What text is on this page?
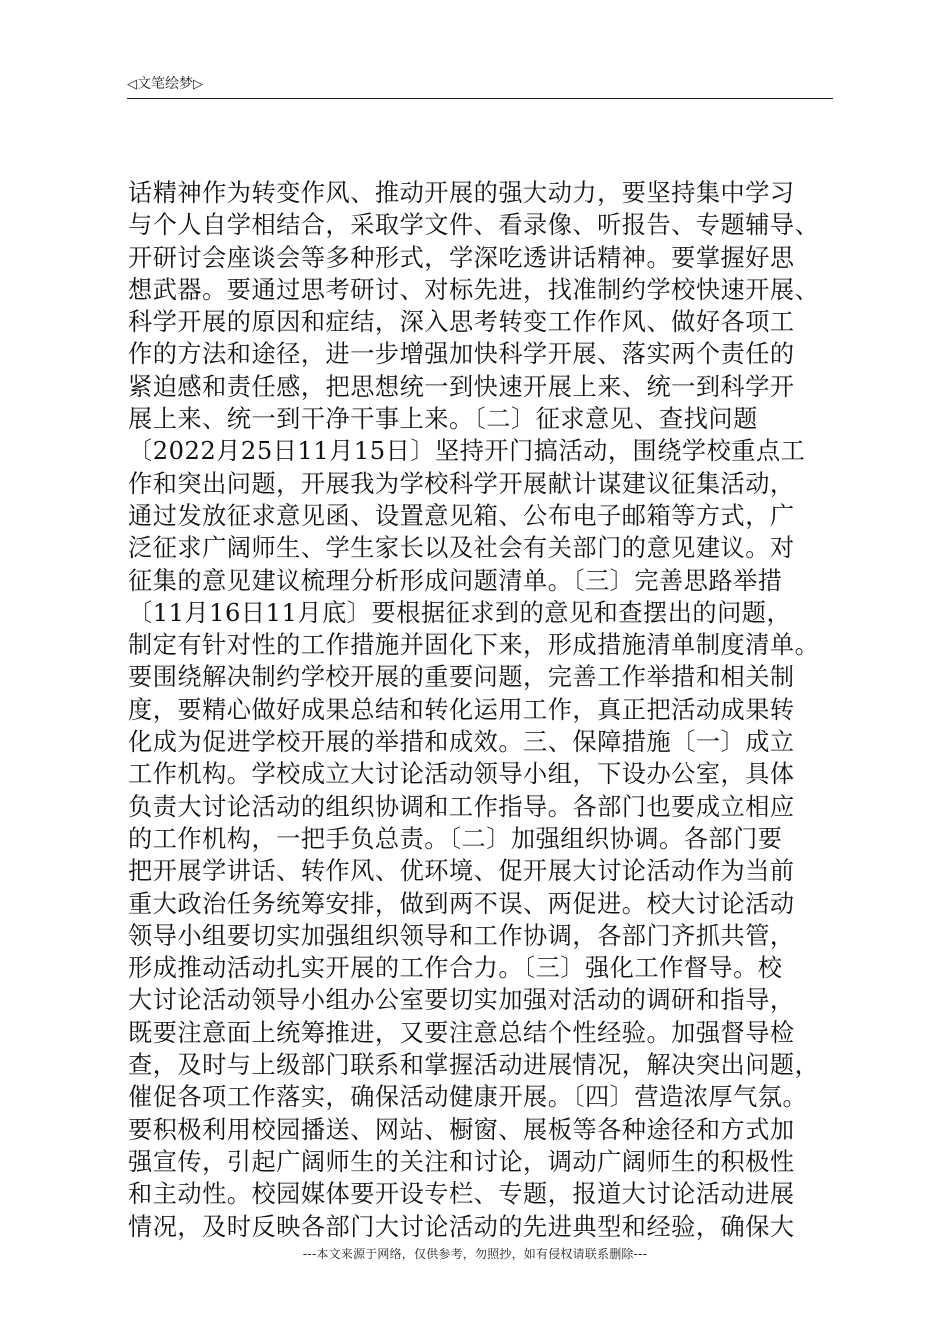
◁文笔绘梦▷
话精神作为转变作风、推动开展的强大动力，要坚持集中学习
与个人自学相结合，采取学文件、看录像、听报告、专题辅导、
开研讨会座谈会等多种形式，学深吃透讲话精神。要掌握好思
想武器。要通过思考研讨、对标先进，找准制约学校快速开展、
科学开展的原因和症结，深入思考转变工作作风、做好各项工
作的方法和途径，进一步增强加快科学开展、落实两个责任的
紧迫感和责任感，把思想统一到快速开展上来、统一到科学开
展上来、统一到干净干事上来。〔二〕征求意见、查找问题
〔2022月25日11月15日〕坚持开门搞活动，围绕学校重点工
作和突出问题，开展我为学校科学开展献计谋建议征集活动，
通过发放征求意见函、设置意见箱、公布电子邮箱等方式，广
泛征求广阔师生、学生家长以及社会有关部门的意见建议。对
征集的意见建议梳理分析形成问题清单。〔三〕完善思路举措
〔11月16日11月底〕要根据征求到的意见和查摆出的问题，
制定有针对性的工作措施并固化下来，形成措施清单制度清单。
要围绕解决制约学校开展的重要问题，完善工作举措和相关制
度，要精心做好成果总结和转化运用工作，真正把活动成果转
化成为促进学校开展的举措和成效。三、保障措施〔一〕成立
工作机构。学校成立大讨论活动领导小组，下设办公室，具体
负责大讨论活动的组织协调和工作指导。各部门也要成立相应
的工作机构，一把手负总责。〔二〕加强组织协调。各部门要
把开展学讲话、转作风、优环境、促开展大讨论活动作为当前
重大政治任务统筹安排，做到两不误、两促进。校大讨论活动
领导小组要切实加强组织领导和工作协调，各部门齐抓共管，
形成推动活动扎实开展的工作合力。〔三〕强化工作督导。校
大讨论活动领导小组办公室要切实加强对活动的调研和指导，
既要注意面上统筹推进，又要注意总结个性经验。加强督导检
查，及时与上级部门联系和掌握活动进展情况，解决突出问题，
催促各项工作落实，确保活动健康开展。〔四〕营造浓厚气氛。
要积极利用校园播送、网站、橱窗、展板等各种途径和方式加
强宣传，引起广阔师生的关注和讨论，调动广阔师生的积极性
和主动性。校园媒体要开设专栏、专题，报道大讨论活动进展
情况，及时反映各部门大讨论活动的先进典型和经验，确保大
---本文来源于网络，仅供参考，勿照抄，如有侵权请联系删除---
